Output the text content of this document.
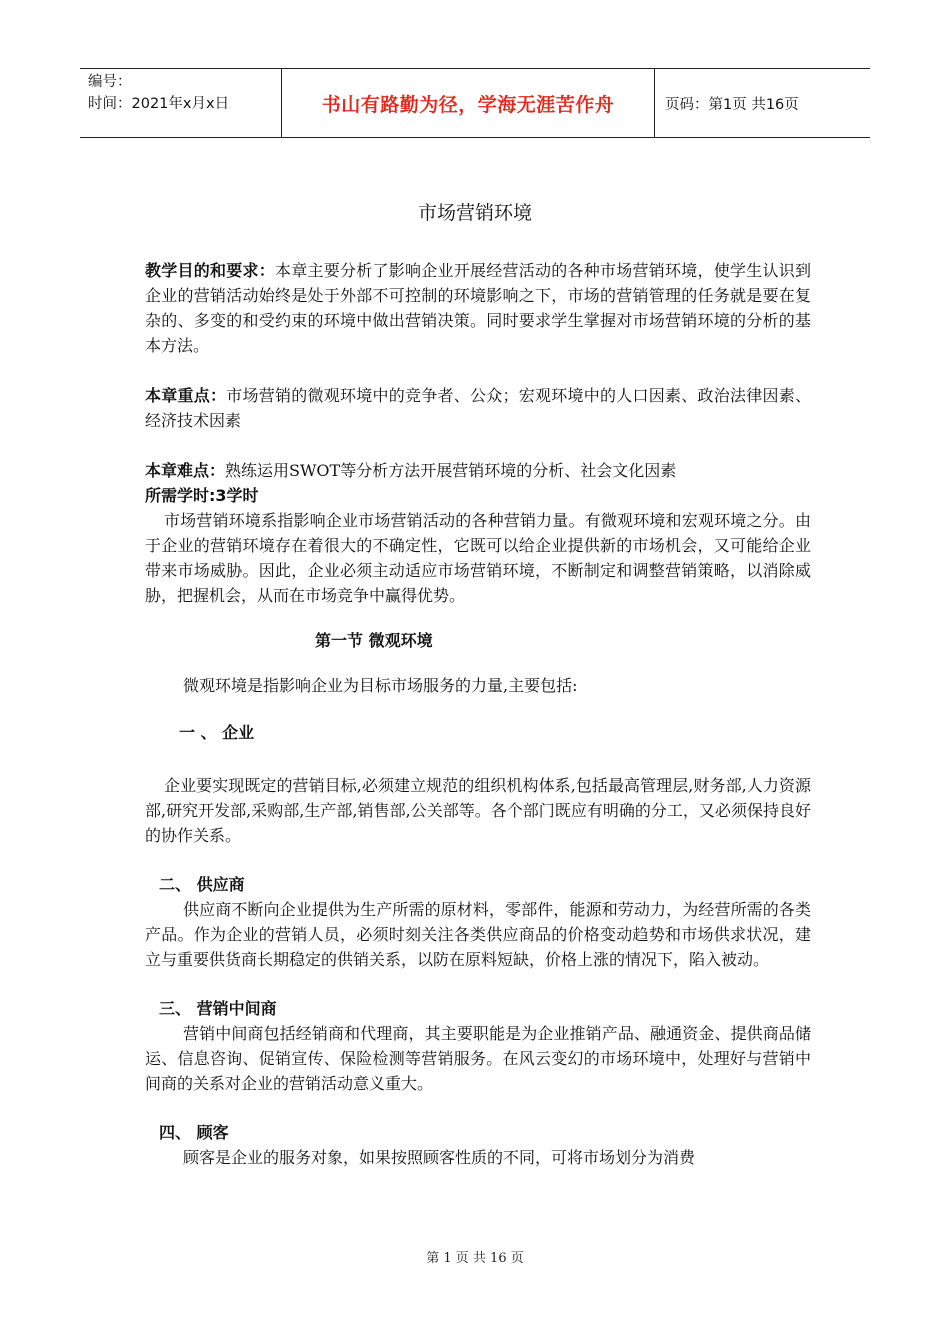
编号：
时间：2021年x月x日	书山有路勤为径，学海无涯苦作舟	页码：第1页 共16页
市场营销环境

教学目的和要求：本章主要分析了影响企业开展经营活动的各种市场营销环境，使学生认识到企业的营销活动始终是处于外部不可控制的环境影响之下，市场的营销管理的任务就是要在复杂的、多变的和受约束的环境中做出营销决策。同时要求学生掌握对市场营销环境的分析的基本方法。

本章重点：市场营销的微观环境中的竞争者、公众；宏观环境中的人口因素、政治法律因素、经济技术因素

本章难点：熟练运用SWOT等分析方法开展营销环境的分析、社会文化因素

所需学时:3学时

市场营销环境系指影响企业市场营销活动的各种营销力量。有微观环境和宏观环境之分。由于企业的营销环境存在着很大的不确定性，它既可以给企业提供新的市场机会，又可能给企业带来市场威胁。因此，企业必须主动适应市场营销环境，不断制定和调整营销策略，以消除威胁，把握机会，从而在市场竞争中赢得优势。

第一节 微观环境

微观环境是指影响企业为目标市场服务的力量,主要包括:

一 、 企业

企业要实现既定的营销目标,必须建立规范的组织机构体系,包括最高管理层,财务部,人力资源部,研究开发部,采购部,生产部,销售部,公关部等。各个部门既应有明确的分工，又必须保持良好的协作关系。

二、 供应商

供应商不断向企业提供为生产所需的原材料，零部件，能源和劳动力，为经营所需的各类产品。作为企业的营销人员，必须时刻关注各类供应商品的价格变动趋势和市场供求状况，建立与重要供货商长期稳定的供销关系，以防在原料短缺，价格上涨的情况下，陷入被动。

三、 营销中间商

营销中间商包括经销商和代理商，其主要职能是为企业推销产品、融通资金、提供商品储运、信息咨询、促销宣传、保险检测等营销服务。在风云变幻的市场环境中，处理好与营销中间商的关系对企业的营销活动意义重大。

四、 顾客

顾客是企业的服务对象，如果按照顾客性质的不同，可将市场划分为消费

第 1 页 共 16 页
